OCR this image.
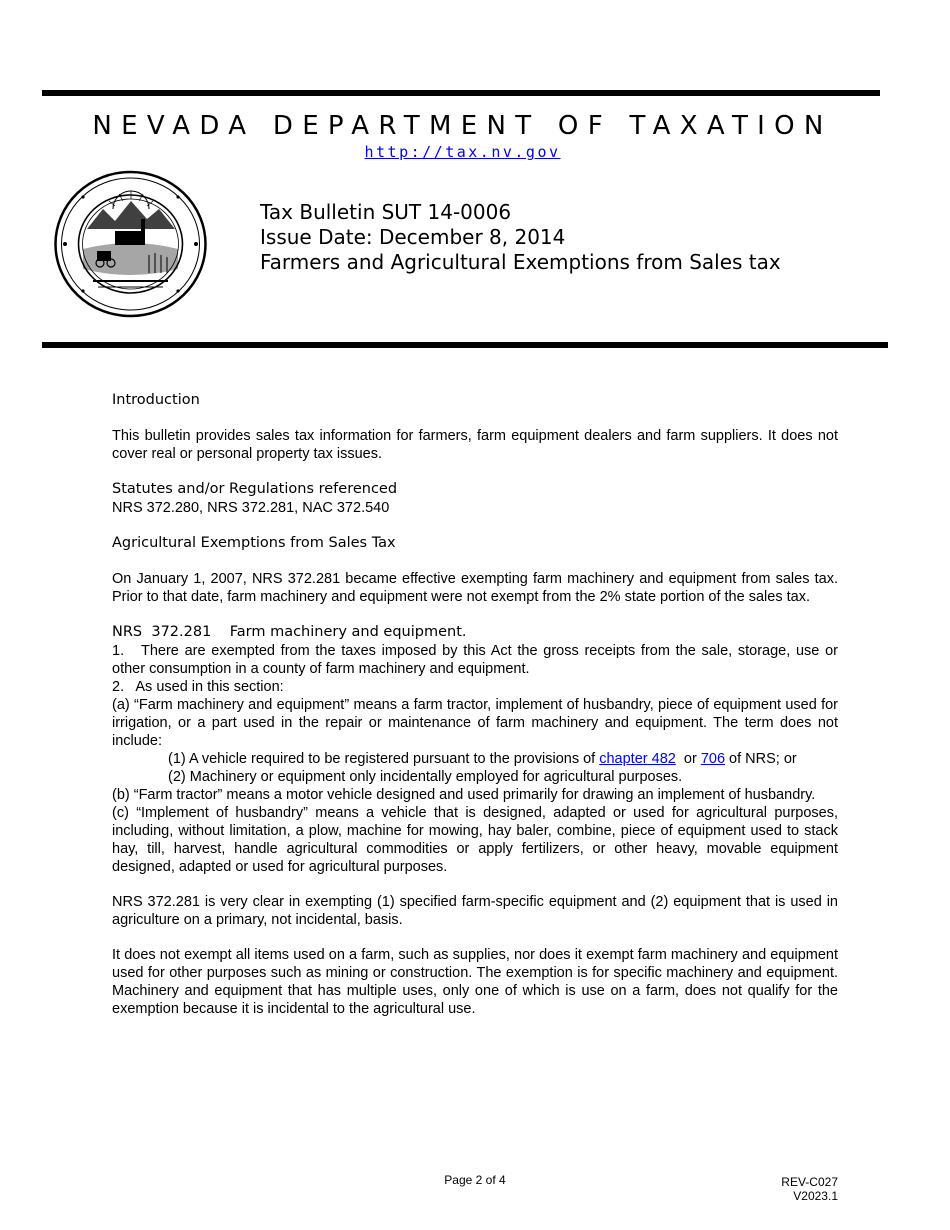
NEVADA DEPARTMENT OF TAXATION
http://tax.nv.gov
Tax Bulletin SUT 14-0006
Issue Date: December 8, 2014
Farmers and Agricultural Exemptions from Sales tax
Introduction
This bulletin provides sales tax information for farmers, farm equipment dealers and farm suppliers. It does not cover real or personal property tax issues.
Statutes and/or Regulations referenced
NRS 372.280, NRS 372.281, NAC 372.540
Agricultural Exemptions from Sales Tax
On January 1, 2007, NRS 372.281 became effective exempting farm machinery and equipment from sales tax. Prior to that date, farm machinery and equipment were not exempt from the 2% state portion of the sales tax.
NRS  372.281    Farm machinery and equipment.
1.   There are exempted from the taxes imposed by this Act the gross receipts from the sale, storage, use or other consumption in a county of farm machinery and equipment.
2.   As used in this section:
(a) “Farm machinery and equipment” means a farm tractor, implement of husbandry, piece of equipment used for irrigation, or a part used in the repair or maintenance of farm machinery and equipment. The term does not include:
(1) A vehicle required to be registered pursuant to the provisions of chapter 482  or 706 of NRS; or
(2) Machinery or equipment only incidentally employed for agricultural purposes.
(b) “Farm tractor” means a motor vehicle designed and used primarily for drawing an implement of husbandry.
(c) “Implement of husbandry” means a vehicle that is designed, adapted or used for agricultural purposes, including, without limitation, a plow, machine for mowing, hay baler, combine, piece of equipment used to stack hay, till, harvest, handle agricultural commodities or apply fertilizers, or other heavy, movable equipment designed, adapted or used for agricultural purposes.
NRS 372.281 is very clear in exempting (1) specified farm-specific equipment and (2) equipment that is used in agriculture on a primary, not incidental, basis.
It does not exempt all items used on a farm, such as supplies, nor does it exempt farm machinery and equipment used for other purposes such as mining or construction. The exemption is for specific machinery and equipment. Machinery and equipment that has multiple uses, only one of which is use on a farm, does not qualify for the exemption because it is incidental to the agricultural use.
Page 2 of 4	REV-C027
V2023.1
